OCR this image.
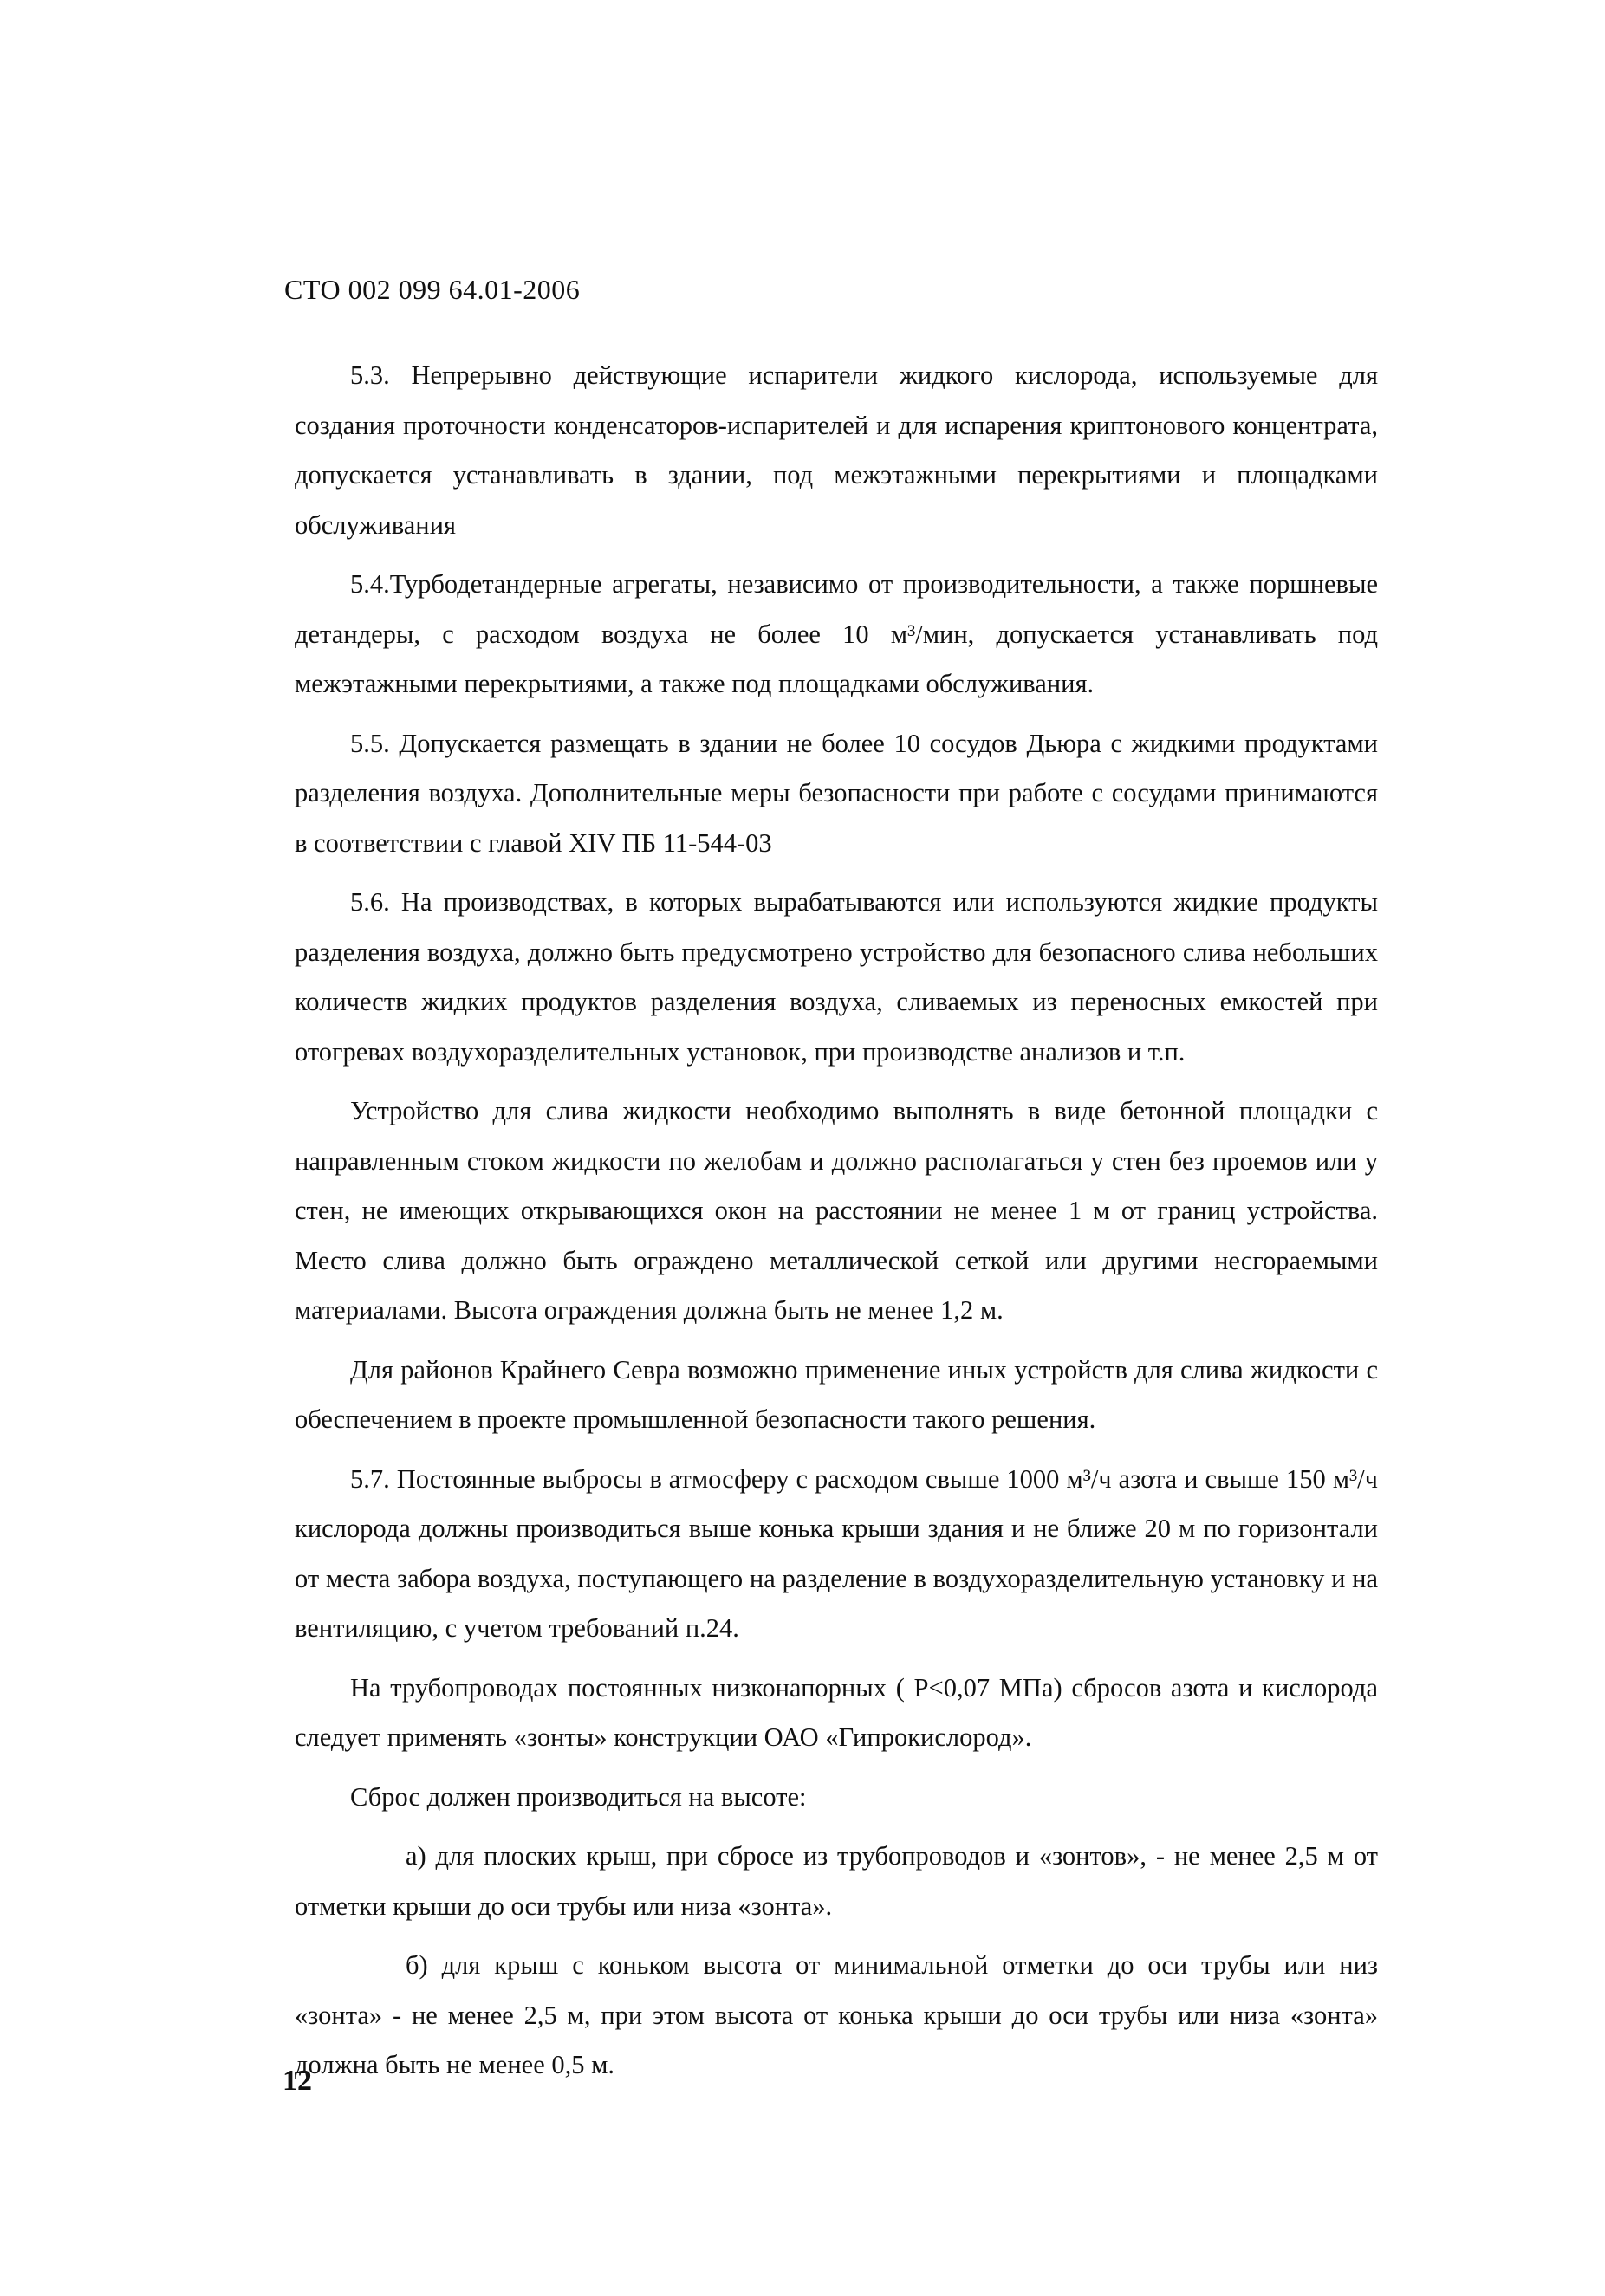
СТО 002 099 64.01-2006

5.3. Непрерывно действующие испарители жидкого кислорода, используемые для создания проточности конденсаторов-испарителей и для испарения криптонового концентрата, допускается устанавливать в здании, под межэтажными перекрытиями и площадками обслуживания

5.4.Турбодетандерные агрегаты, независимо от производительности, а также поршневые детандеры, с расходом воздуха не более 10 м³/мин, допускается устанавливать под межэтажными перекрытиями, а также под площадками обслуживания.

5.5. Допускается размещать в здании не более 10 сосудов Дьюра с жидкими продуктами разделения воздуха. Дополнительные меры безопасности при работе с сосудами принимаются в соответствии с главой XIV ПБ 11-544-03

5.6. На производствах, в которых вырабатываются или используются жидкие продукты разделения воздуха, должно быть предусмотрено устройство для безопасного слива небольших количеств жидких продуктов разделения воздуха, сливаемых из переносных емкостей при отогревах воздухоразделительных установок, при производстве анализов и т.п.

Устройство для слива жидкости необходимо выполнять в виде бетонной площадки с направленным стоком жидкости по желобам и должно располагаться у стен без проемов или у стен, не имеющих открывающихся окон на расстоянии не менее 1 м от границ устройства. Место слива должно быть ограждено металлической сеткой или другими несгораемыми материалами. Высота ограждения должна быть не менее 1,2 м.

Для районов Крайнего Севра возможно применение иных устройств для слива жидкости с обеспечением в проекте промышленной безопасности такого решения.

5.7. Постоянные выбросы в атмосферу с расходом свыше 1000 м³/ч азота и свыше 150 м³/ч кислорода должны производиться выше конька крыши здания и не ближе 20 м по горизонтали от места забора воздуха, поступающего на разделение в воздухоразделительную установку и на вентиляцию, с учетом требований п.24.

На трубопроводах постоянных низконапорных ( Р<0,07 МПа) сбросов азота и кислорода следует применять «зонты» конструкции ОАО «Гипрокислород».

Сброс должен производиться на высоте:

а) для плоских крыш, при сбросе из трубопроводов и «зонтов», - не менее 2,5 м от отметки крыши до оси трубы или низа «зонта».

б) для крыш с коньком высота от минимальной отметки до оси трубы или низ «зонта» - не менее 2,5 м, при этом высота от конька крыши до оси трубы или низа «зонта» должна быть не менее 0,5 м.

12
